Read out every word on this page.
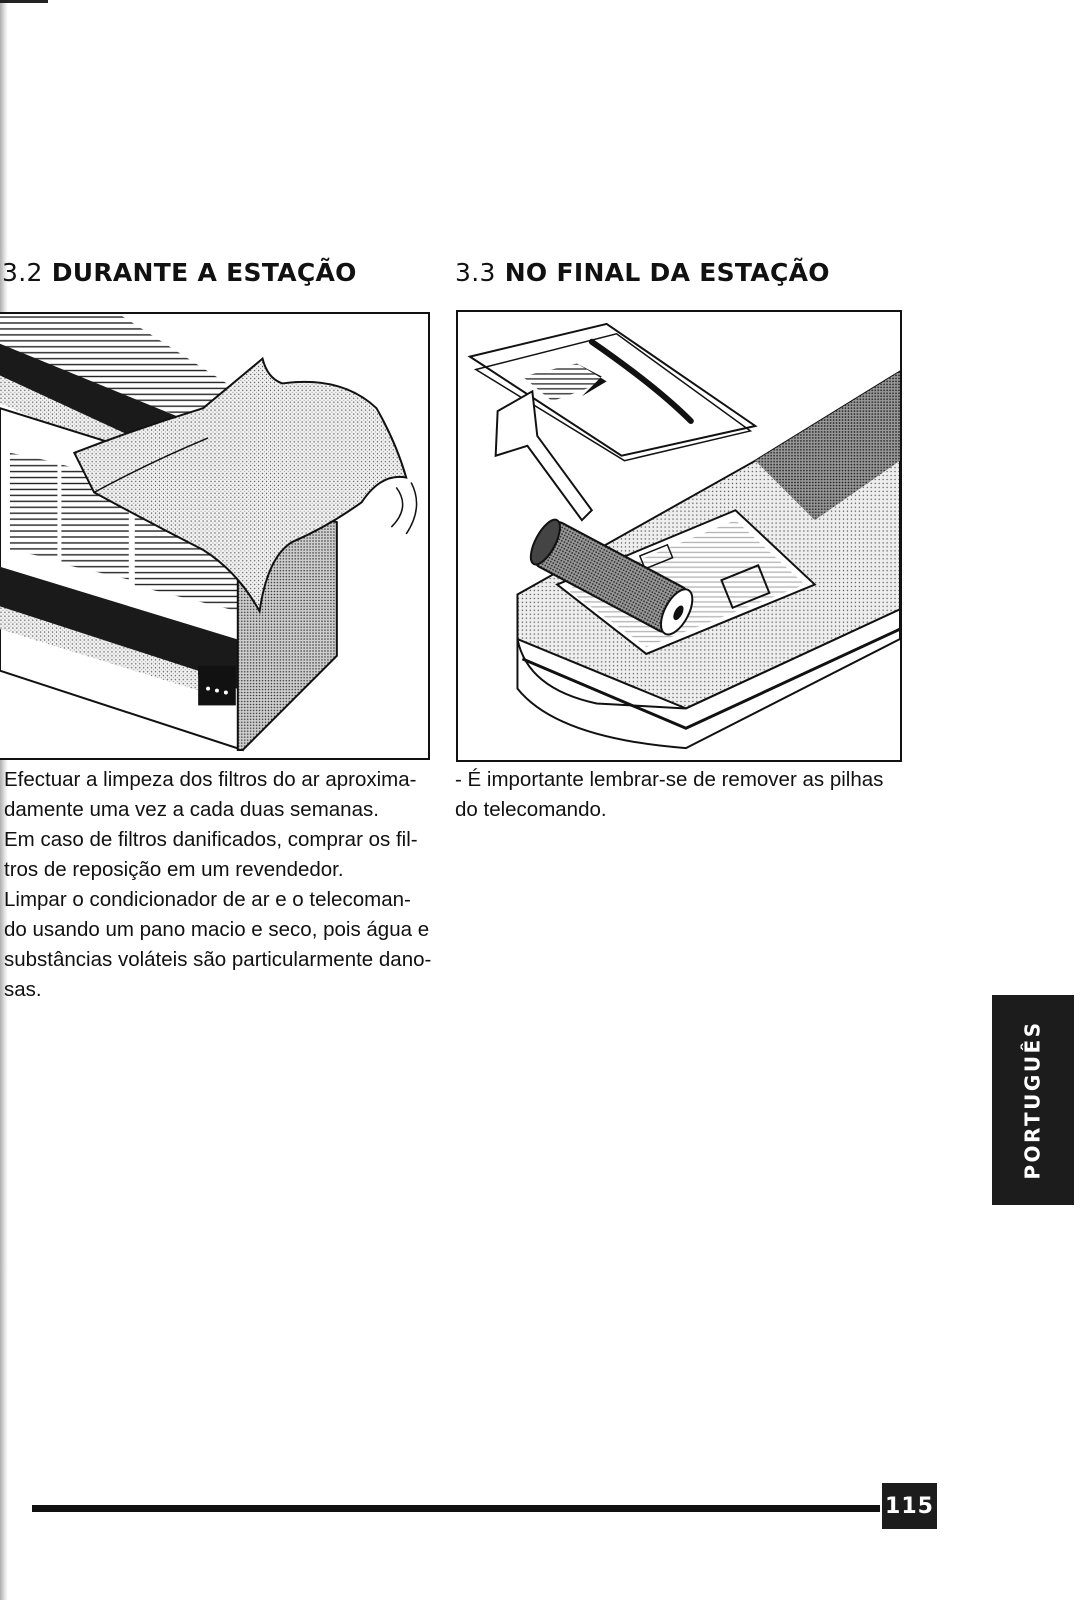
3.2 DURANTE A ESTAÇÃO	3.3 NO FINAL DA ESTAÇÃO

Efectuar a limpeza dos filtros do ar aproxima-

damente uma vez a cada duas semanas.

Em caso de filtros danificados, comprar os fil-

tros de reposição em um revendedor.

Limpar o condicionador de ar e o telecoman-

do usando um pano macio e seco, pois água e

substâncias voláteis são particularmente dano-

sas.

- É importante lembrar-se de remover as pilhas

do telecomando.

PORTUGUÊS
115
